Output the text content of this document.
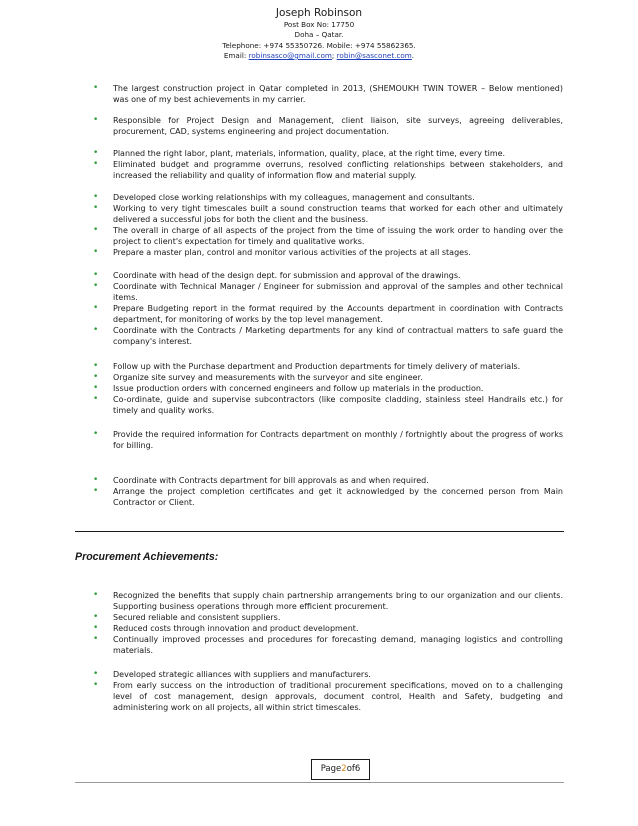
Joseph Robinson
Post Box No: 17750
Doha – Qatar.
Telephone: +974 55350726. Mobile: +974 55862365.
Email: robinsasco@gmail.com; robin@sasconet.com.
• The largest construction project in Qatar completed in 2013, (SHEMOUKH TWIN TOWER – Below mentioned) was one of my best achievements in my carrier.
• Responsible for Project Design and Management, client liaison, site surveys, agreeing deliverables, procurement, CAD, systems engineering and project documentation.
• Planned the right labor, plant, materials, information, quality, place, at the right time, every time.
• Eliminated budget and programme overruns, resolved conflicting relationships between stakeholders, and increased the reliability and quality of information flow and material supply.
• Developed close working relationships with my colleagues, management and consultants.
• Working to very tight timescales built a sound construction teams that worked for each other and ultimately delivered a successful jobs for both the client and the business.
• The overall in charge of all aspects of the project from the time of issuing the work order to handing over the project to client's expectation for timely and qualitative works.
• Prepare a master plan, control and monitor various activities of the projects at all stages.
• Coordinate with head of the design dept. for submission and approval of the drawings.
• Coordinate with Technical Manager / Engineer for submission and approval of the samples and other technical items.
• Prepare Budgeting report in the format required by the Accounts department in coordination with Contracts department, for monitoring of works by the top level management.
• Coordinate with the Contracts / Marketing departments for any kind of contractual matters to safe guard the company's interest.
• Follow up with the Purchase department and Production departments for timely delivery of materials.
• Organize site survey and measurements with the surveyor and site engineer.
• Issue production orders with concerned engineers and follow up materials in the production.
• Co-ordinate, guide and supervise subcontractors (like composite cladding, stainless steel Handrails etc.) for timely and quality works.
• Provide the required information for Contracts department on monthly / fortnightly about the progress of works for billing.
• Coordinate with Contracts department for bill approvals as and when required.
• Arrange the project completion certificates and get it acknowledged by the concerned person from Main Contractor or Client.
Procurement Achievements:
• Recognized the benefits that supply chain partnership arrangements bring to our organization and our clients. Supporting business operations through more efficient procurement.
• Secured reliable and consistent suppliers.
• Reduced costs through innovation and product development.
• Continually improved processes and procedures for forecasting demand, managing logistics and controlling materials.
• Developed strategic alliances with suppliers and manufacturers.
• From early success on the introduction of traditional procurement specifications, moved on to a challenging level of cost management, design approvals, document control, Health and Safety, budgeting and administering work on all projects, all within strict timescales.
Page2of6
